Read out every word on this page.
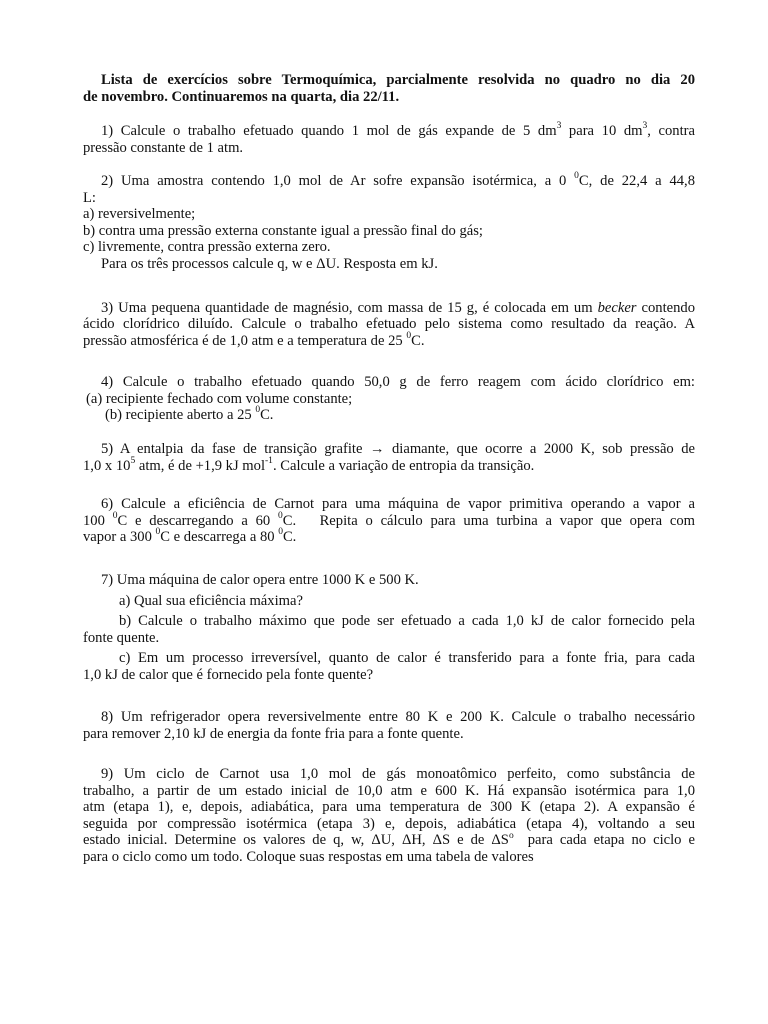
Lista de exercícios sobre Termoquímica, parcialmente resolvida no quadro no dia 20
de novembro. Continuaremos na quarta, dia 22/11.
1) Calcule o trabalho efetuado quando 1 mol de gás expande de 5 $dm^3$ para 10 $dm^3$, contra
pressão constante de 1 atm.
2) Uma amostra contendo 1,0 mol de Ar sofre expansão isotérmica, a 0 $^0$C, de 22,4 a 44,8
L:
a) reversivelmente;
b) contra uma pressão externa constante igual a pressão final do gás;
c) livremente, contra pressão externa zero.
Para os três processos calcule q, w e ΔU. Resposta em kJ.
3) Uma pequena quantidade de magnésio, com massa de 15 g, é colocada em um becker contendo
ácido clorídrico diluído. Calcule o trabalho efetuado pelo sistema como resultado da reação. A
pressão atmosférica é de 1,0 atm e a temperatura de 25 $^0$C.
4) Calcule o trabalho efetuado quando 50,0 g de ferro reagem com ácido clorídrico em:
(a) recipiente fechado com volume constante;
(b) recipiente aberto a 25 $^0$C.
5) A entalpia da fase de transição grafite → diamante, que ocorre a 2000 K, sob pressão de
1,0 x $10^5$ atm, é de +1,9 kJ mol$^{-1}$. Calcule a variação de entropia da transição.
6) Calcule a eficiência de Carnot para uma máquina de vapor primitiva operando a vapor a
100 $^0$C e descarregando a 60 $^0$C.   Repita o cálculo para uma turbina a vapor que opera com
vapor a 300 $^0$C e descarrega a 80 $^0$C.
7) Uma máquina de calor opera entre 1000 K e 500 K.
a) Qual sua eficiência máxima?
b) Calcule o trabalho máximo que pode ser efetuado a cada 1,0 kJ de calor fornecido pela
fonte quente.
c) Em um processo irreversível, quanto de calor é transferido para a fonte fria, para cada
1,0 kJ de calor que é fornecido pela fonte quente?
8) Um refrigerador opera reversivelmente entre 80 K e 200 K. Calcule o trabalho necessário
para remover 2,10 kJ de energia da fonte fria para a fonte quente.
9) Um ciclo de Carnot usa 1,0 mol de gás monoatômico perfeito, como substância de
trabalho, a partir de um estado inicial de 10,0 atm e 600 K. Há expansão isotérmica para 1,0
atm (etapa 1), e, depois, adiabática, para uma temperatura de 300 K (etapa 2). A expansão é
seguida por compressão isotérmica (etapa 3) e, depois, adiabática (etapa 4), voltando a seu
estado inicial. Determine os valores de q, w, ΔU, ΔH, ΔS e de $\Delta S^o$  para cada etapa no ciclo e
para o ciclo como um todo. Coloque suas respostas em uma tabela de valores
